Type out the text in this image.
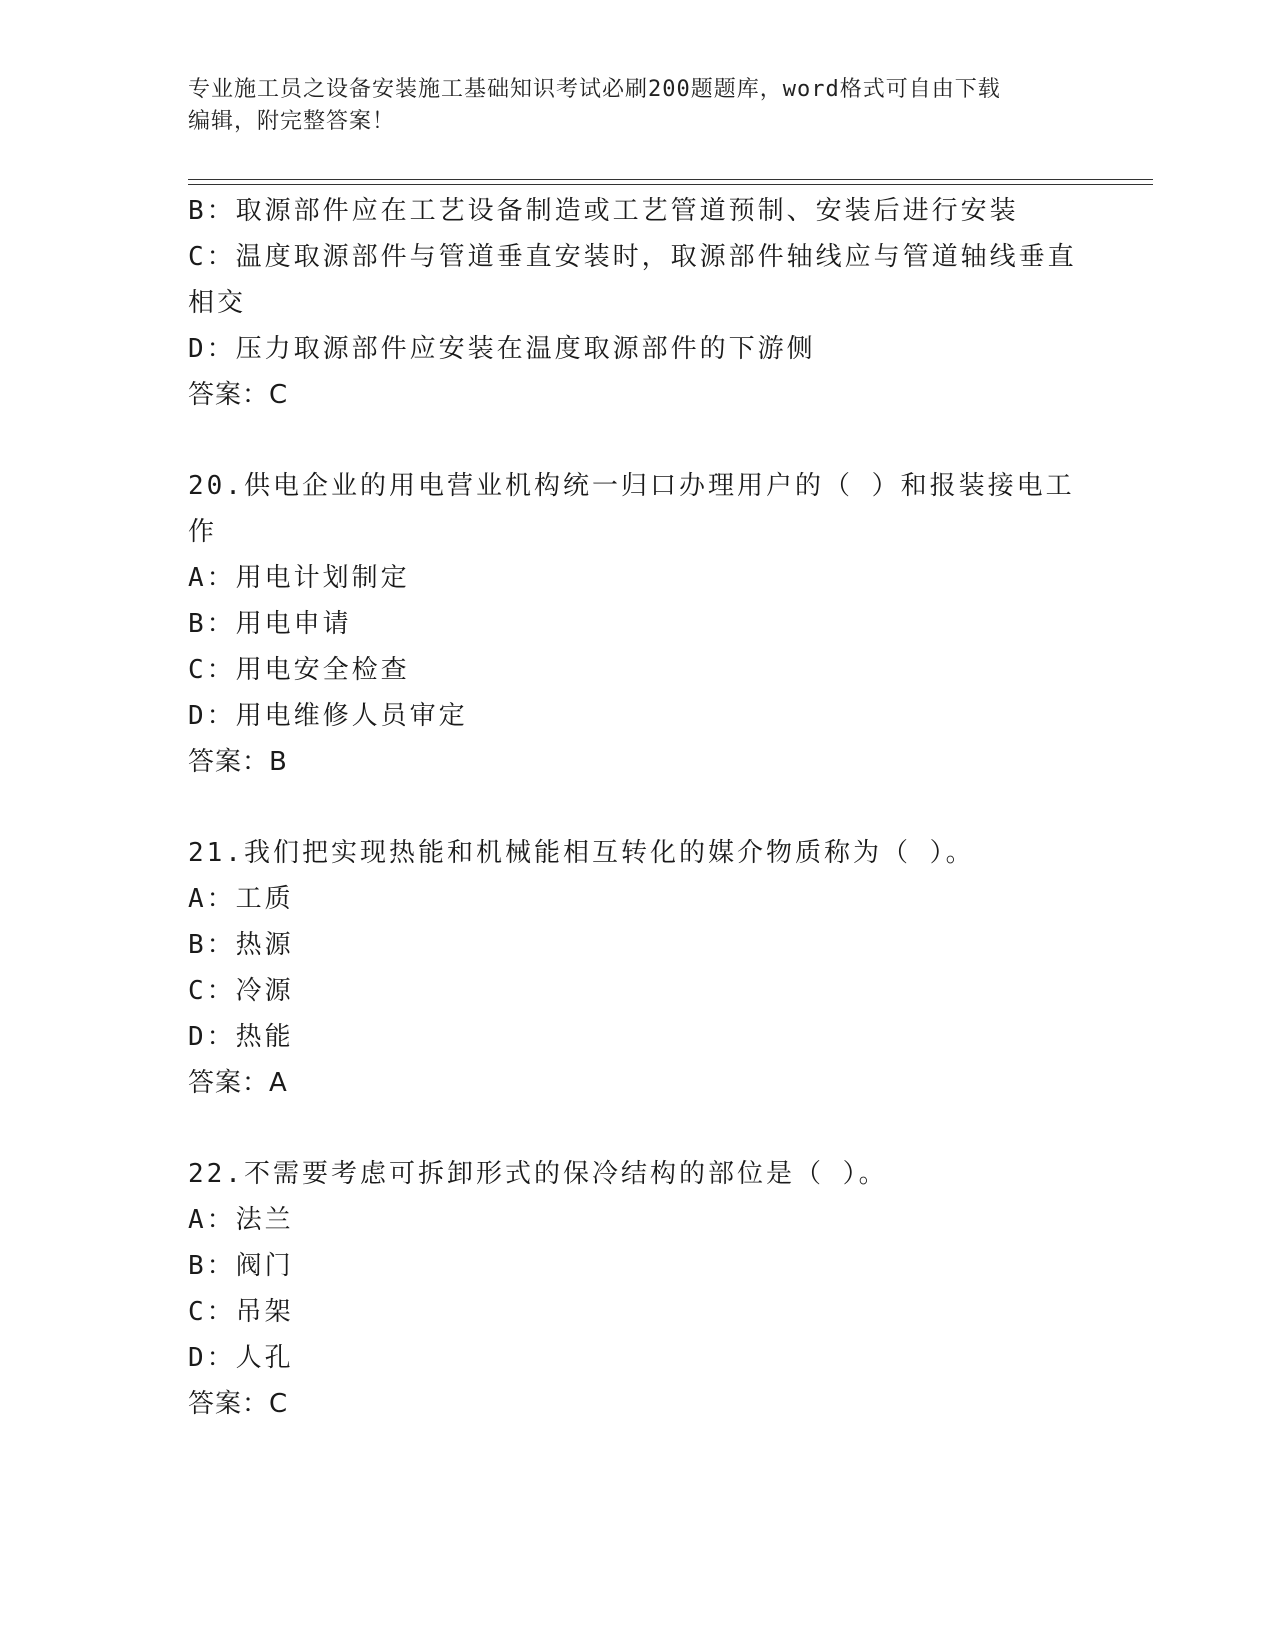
专业施工员之设备安装施工基础知识考试必刷200题题库，word格式可自由下载
编辑，附完整答案！
B：取源部件应在工艺设备制造或工艺管道预制、安装后进行安装
C：温度取源部件与管道垂直安装时，取源部件轴线应与管道轴线垂直
相交
D：压力取源部件应安装在温度取源部件的下游侧
答案：C
20.供电企业的用电营业机构统一归口办理用户的（ ）和报装接电工
作
A：用电计划制定
B：用电申请
C：用电安全检查
D：用电维修人员审定
答案：B
21.我们把实现热能和机械能相互转化的媒介物质称为（ ）。
A：工质
B：热源
C：冷源
D：热能
答案：A
22.不需要考虑可拆卸形式的保冷结构的部位是（ ）。
A：法兰
B：阀门
C：吊架
D：人孔
答案：C
